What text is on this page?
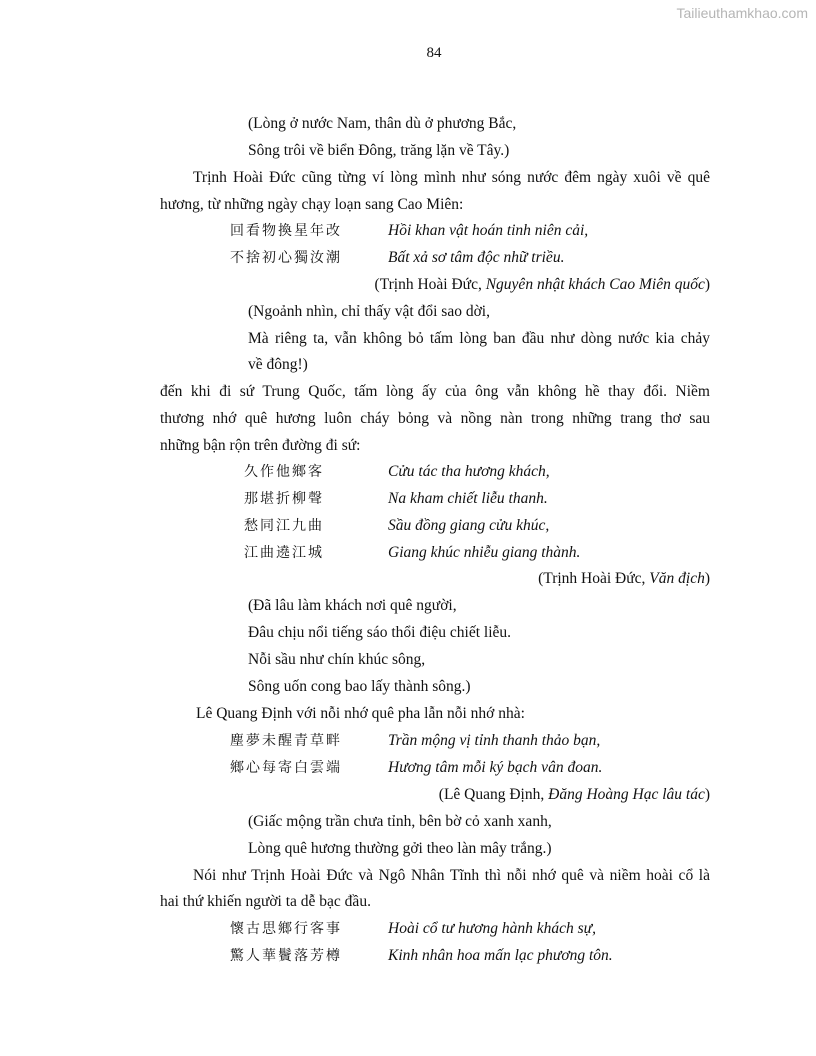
Tailieuthamkhao.com
84
(Lòng ở nước Nam, thân dù ở phương Bắc,
Sông trôi về biển Đông, trăng lặn về Tây.)
Trịnh Hoài Đức cũng từng ví lòng mình như sóng nước đêm ngày xuôi về quê
hương, từ những ngày chạy loạn sang Cao Miên:
回看物換星年改	Hồi khan vật hoán tinh niên cải,
不捨初心獨汝潮	Bất xả sơ tâm độc nhữ triều.
(Trịnh Hoài Đức, Nguyên nhật khách Cao Miên quốc)
(Ngoảnh nhìn, chỉ thấy vật đổi sao dời,
Mà riêng ta, vẫn không bỏ tấm lòng ban đầu như dòng nước kia chảy
về đông!)
đến khi đi sứ Trung Quốc, tấm lòng ấy của ông vẫn không hề thay đổi. Niềm
thương nhớ quê hương luôn cháy bỏng và nồng nàn trong những trang thơ sau
những bận rộn trên đường đi sứ:
久作他鄉客	Cửu tác tha hương khách,
那堪折柳聲	Na kham chiết liễu thanh.
愁同江九曲	Sầu đồng giang cửu khúc,
江曲遶江城	Giang khúc nhiễu giang thành.
(Trịnh Hoài Đức, Văn địch)
(Đã lâu làm khách nơi quê người,
Đâu chịu nổi tiếng sáo thổi điệu chiết liễu.
Nỗi sầu như chín khúc sông,
Sông uốn cong bao lấy thành sông.)
Lê Quang Định với nỗi nhớ quê pha lẫn nỗi nhớ nhà:
塵夢未醒青草畔	Trần mộng vị tỉnh thanh thảo bạn,
鄉心每寄白雲端	Hương tâm mỗi ký bạch vân đoan.
(Lê Quang Định, Đăng Hoàng Hạc lâu tác)
(Giấc mộng trần chưa tỉnh, bên bờ cỏ xanh xanh,
Lòng quê hương thường gởi theo làn mây trắng.)
Nói như Trịnh Hoài Đức và Ngô Nhân Tĩnh thì nỗi nhớ quê và niềm hoài cổ là
hai thứ khiến người ta dễ bạc đầu.
懷古思鄉行客事	Hoài cổ tư hương hành khách sự,
驚人華鬢落芳樽	Kinh nhân hoa mấn lạc phương tôn.
